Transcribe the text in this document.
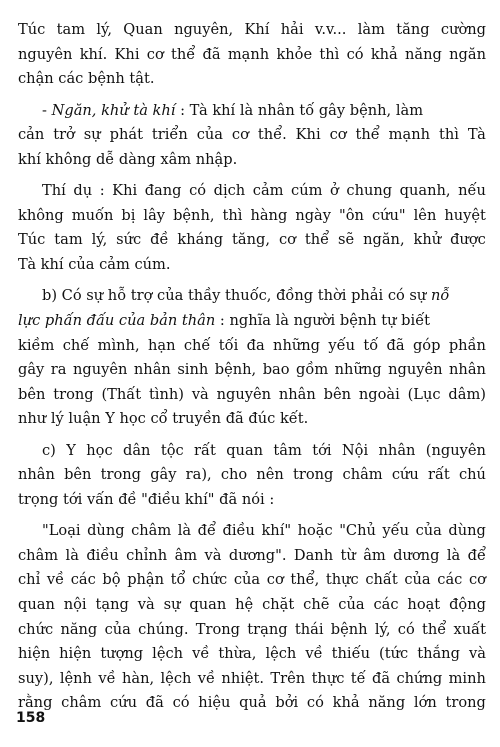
Túc tam lý, Quan nguyên, Khí hải v.v... làm tăng cường
nguyên khí. Khi cơ thể đã mạnh khỏe thì có khả năng ngăn
chận các bệnh tật.
- Ngăn, khử tà khí : Tà khí là nhân tố gây bệnh, làm
cản trở sự phát triển của cơ thể. Khi cơ thể mạnh thì Tà
khí không dễ dàng xâm nhập.
Thí dụ : Khi đang có dịch cảm cúm ở chung quanh, nếu
không muốn bị lây bệnh, thì hàng ngày "ôn cứu" lên huyệt
Túc tam lý, sức đề kháng tăng, cơ thể sẽ ngăn, khử được
Tà khí của cảm cúm.
b) Có sự hỗ trợ của thầy thuốc, đồng thời phải có sự nỗ
lực phấn đấu của bản thân : nghĩa là người bệnh tự biết
kiềm chế mình, hạn chế tối đa những yếu tố đã góp phần
gây ra nguyên nhân sinh bệnh, bao gồm những nguyên nhân
bên trong (Thất tình) và nguyên nhân bên ngoài (Lục dâm)
như lý luận Y học cổ truyền đã đúc kết.
c) Y học dân tộc rất quan tâm tới Nội nhân (nguyên
nhân bên trong gây ra), cho nên trong châm cứu rất chú
trọng tới vấn đề "điều khí" đã nói :
"Loại dùng châm là để điều khí" hoặc "Chủ yếu của dùng
châm là điều chỉnh âm và dương". Danh từ âm dương là để
chỉ về các bộ phận tổ chức của cơ thể, thực chất của các cơ
quan nội tạng và sự quan hệ chặt chẽ của các hoạt động
chức năng của chúng. Trong trạng thái bệnh lý, có thể xuất
hiện hiện tượng lệch về thừa, lệch về thiếu (tức thắng và
suy), lệnh về hàn, lệch về nhiệt. Trên thực tế đã chứng minh
rằng châm cứu đã có hiệu quả bởi có khả năng lớn trong
158
